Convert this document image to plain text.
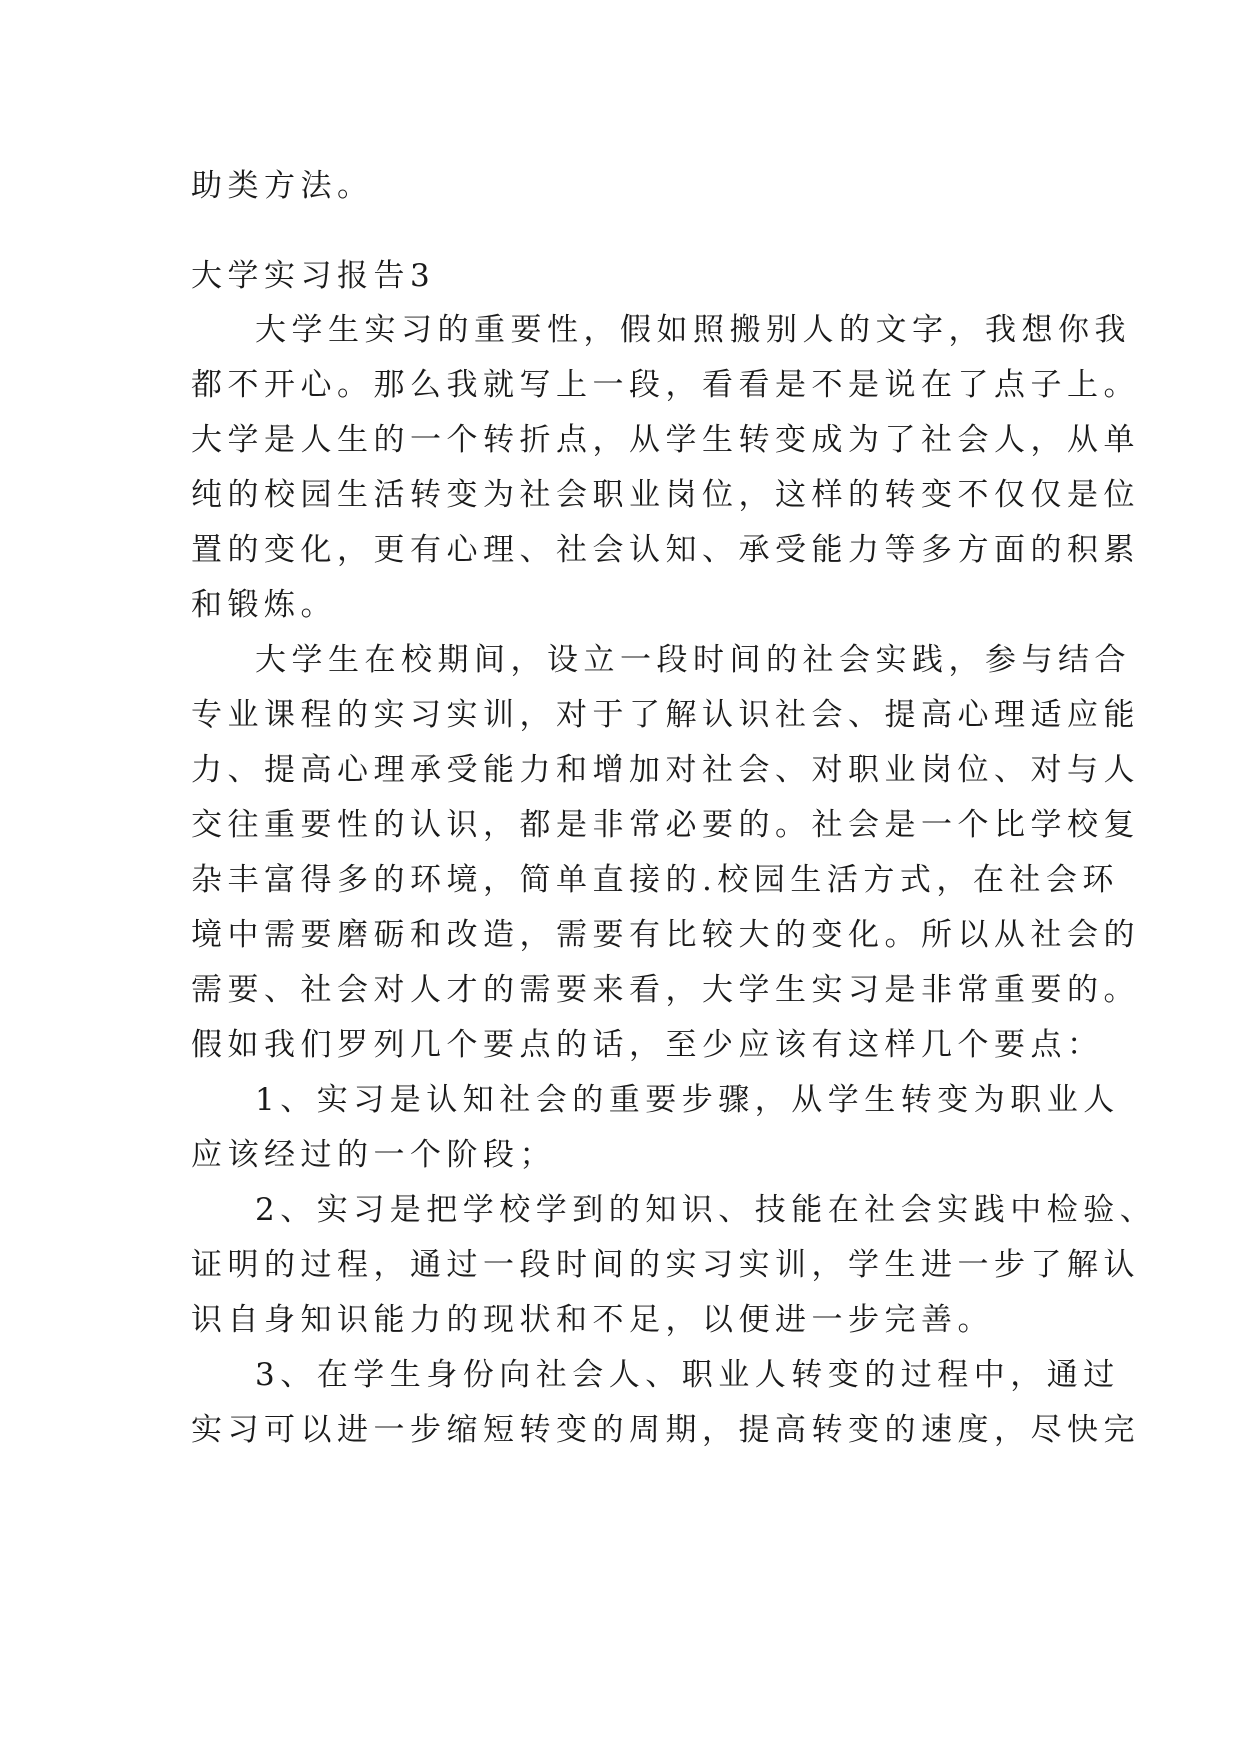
助类方法。
大学实习报告3
大学生实习的重要性，假如照搬别人的文字，我想你我
都不开心。那么我就写上一段，看看是不是说在了点子上。
大学是人生的一个转折点，从学生转变成为了社会人，从单
纯的校园生活转变为社会职业岗位，这样的转变不仅仅是位
置的变化，更有心理、社会认知、承受能力等多方面的积累
和锻炼。
大学生在校期间，设立一段时间的社会实践，参与结合
专业课程的实习实训，对于了解认识社会、提高心理适应能
力、提高心理承受能力和增加对社会、对职业岗位、对与人
交往重要性的认识，都是非常必要的。社会是一个比学校复
杂丰富得多的环境，简单直接的.校园生活方式，在社会环
境中需要磨砺和改造，需要有比较大的变化。所以从社会的
需要、社会对人才的需要来看，大学生实习是非常重要的。
假如我们罗列几个要点的话，至少应该有这样几个要点：
1、实习是认知社会的重要步骤，从学生转变为职业人
应该经过的一个阶段；
2、实习是把学校学到的知识、技能在社会实践中检验、
证明的过程，通过一段时间的实习实训，学生进一步了解认
识自身知识能力的现状和不足，以便进一步完善。
3、在学生身份向社会人、职业人转变的过程中，通过
实习可以进一步缩短转变的周期，提高转变的速度，尽快完
